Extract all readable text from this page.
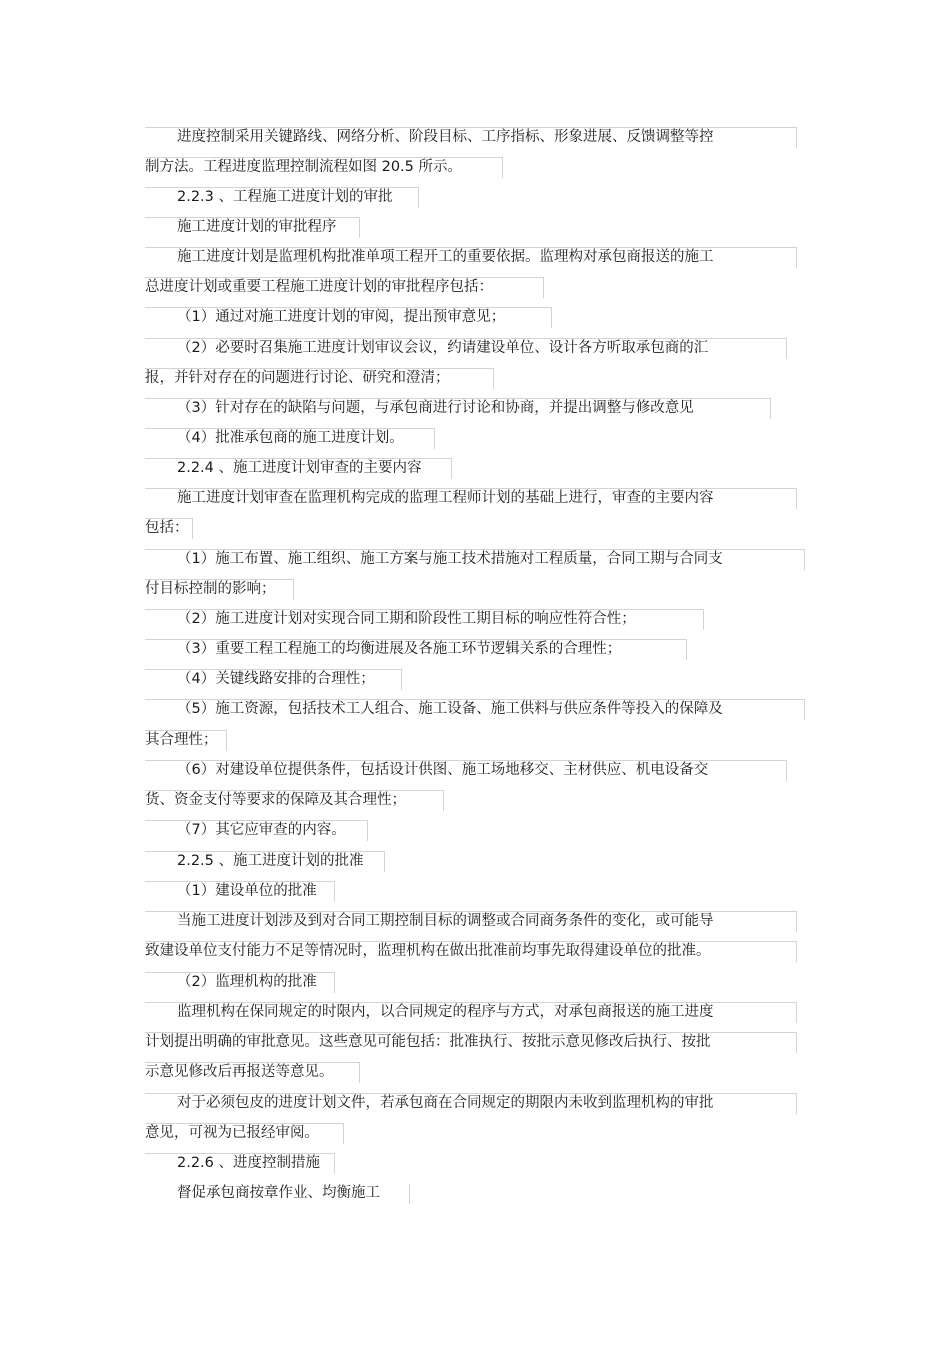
进度控制采用关键路线、网络分析、阶段目标、工序指标、形象进展、反馈调整等控
制方法。工程进度监理控制流程如图 20.5 所示。
2.2.3 、工程施工进度计划的审批
施工进度计划的审批程序
施工进度计划是监理机构批准单项工程开工的重要依据。监理构对承包商报送的施工
总进度计划或重要工程施工进度计划的审批程序包括：
（1）通过对施工进度计划的审阅，提出预审意见；
（2）必要时召集施工进度计划审议会议，约请建设单位、设计各方听取承包商的汇
报，并针对存在的问题进行讨论、研究和澄清；
（3）针对存在的缺陷与问题，与承包商进行讨论和协商，并提出调整与修改意见
（4）批准承包商的施工进度计划。
2.2.4 、施工进度计划审查的主要内容
施工进度计划审查在监理机构完成的监理工程师计划的基础上进行，审查的主要内容
包括：
（1）施工布置、施工组织、施工方案与施工技术措施对工程质量，合同工期与合同支
付目标控制的影响；
（2）施工进度计划对实现合同工期和阶段性工期目标的响应性符合性；
（3）重要工程工程施工的均衡进展及各施工环节逻辑关系的合理性；
（4）关键线路安排的合理性；
（5）施工资源，包括技术工人组合、施工设备、施工供料与供应条件等投入的保障及
其合理性；
（6）对建设单位提供条件，包括设计供图、施工场地移交、主材供应、机电设备交
货、资金支付等要求的保障及其合理性；
（7）其它应审查的内容。
2.2.5 、施工进度计划的批准
（1）建设单位的批准
当施工进度计划涉及到对合同工期控制目标的调整或合同商务条件的变化，或可能导
致建设单位支付能力不足等情况时，监理机构在做出批准前均事先取得建设单位的批准。
（2）监理机构的批准
监理机构在保同规定的时限内，以合同规定的程序与方式，对承包商报送的施工进度
计划提出明确的审批意见。这些意见可能包括：批准执行、按批示意见修改后执行、按批
示意见修改后再报送等意见。
对于必须包皮的进度计划文件，若承包商在合同规定的期限内未收到监理机构的审批
意见，可视为已报经审阅。
2.2.6 、进度控制措施
督促承包商按章作业、均衡施工
